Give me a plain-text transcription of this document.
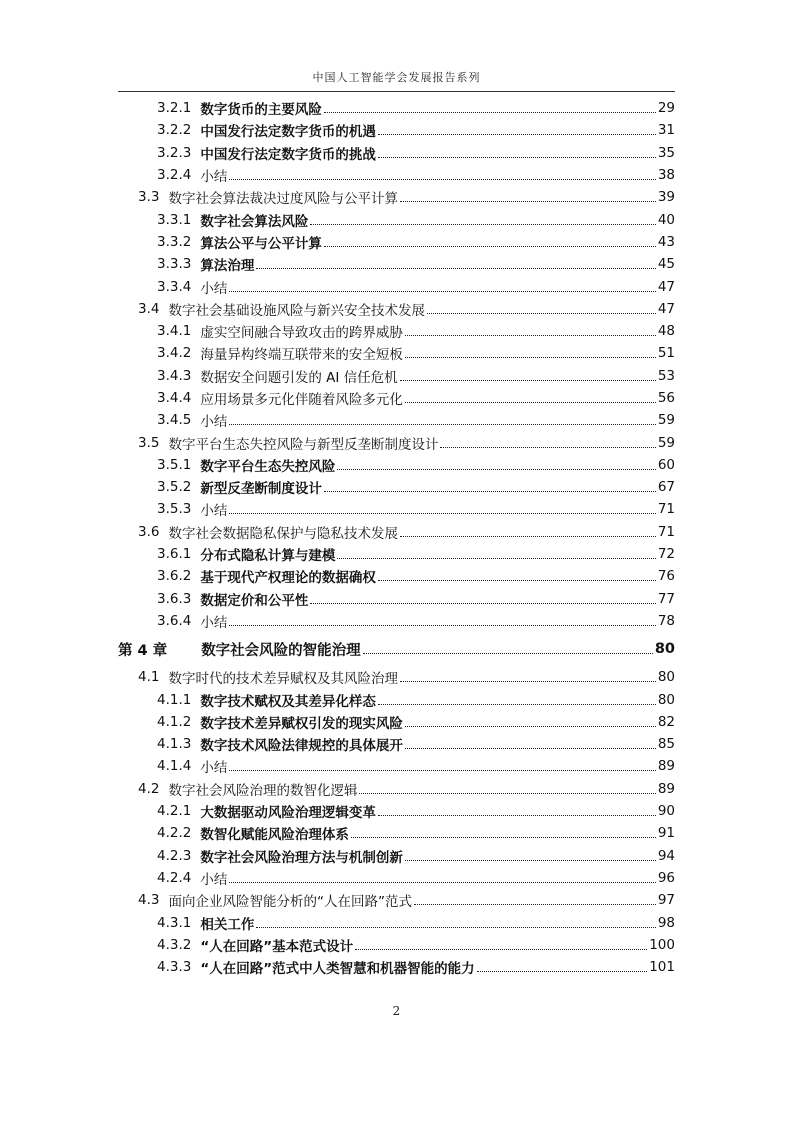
中国人工智能学会发展报告系列
3.2.1 数字货币的主要风险	29
3.2.2 中国发行法定数字货币的机遇	31
3.2.3 中国发行法定数字货币的挑战	35
3.2.4 小结	38
3.3 数字社会算法裁决过度风险与公平计算	39
3.3.1 数字社会算法风险	40
3.3.2 算法公平与公平计算	43
3.3.3 算法治理	45
3.3.4 小结	47
3.4 数字社会基础设施风险与新兴安全技术发展	47
3.4.1 虚实空间融合导致攻击的跨界威胁	48
3.4.2 海量异构终端互联带来的安全短板	51
3.4.3 数据安全问题引发的 AI 信任危机	53
3.4.4 应用场景多元化伴随着风险多元化	56
3.4.5 小结	59
3.5 数字平台生态失控风险与新型反垄断制度设计	59
3.5.1 数字平台生态失控风险	60
3.5.2 新型反垄断制度设计	67
3.5.3 小结	71
3.6 数字社会数据隐私保护与隐私技术发展	71
3.6.1 分布式隐私计算与建模	72
3.6.2 基于现代产权理论的数据确权	76
3.6.3 数据定价和公平性	77
3.6.4 小结	78
第 4 章 数字社会风险的智能治理	80
4.1 数字时代的技术差异赋权及其风险治理	80
4.1.1 数字技术赋权及其差异化样态	80
4.1.2 数字技术差异赋权引发的现实风险	82
4.1.3 数字技术风险法律规控的具体展开	85
4.1.4 小结	89
4.2 数字社会风险治理的数智化逻辑	89
4.2.1 大数据驱动风险治理逻辑变革	90
4.2.2 数智化赋能风险治理体系	91
4.2.3 数字社会风险治理方法与机制创新	94
4.2.4 小结	96
4.3 面向企业风险智能分析的“人在回路”范式	97
4.3.1 相关工作	98
4.3.2 “人在回路”基本范式设计	100
4.3.3 “人在回路”范式中人类智慧和机器智能的能力	101
2
